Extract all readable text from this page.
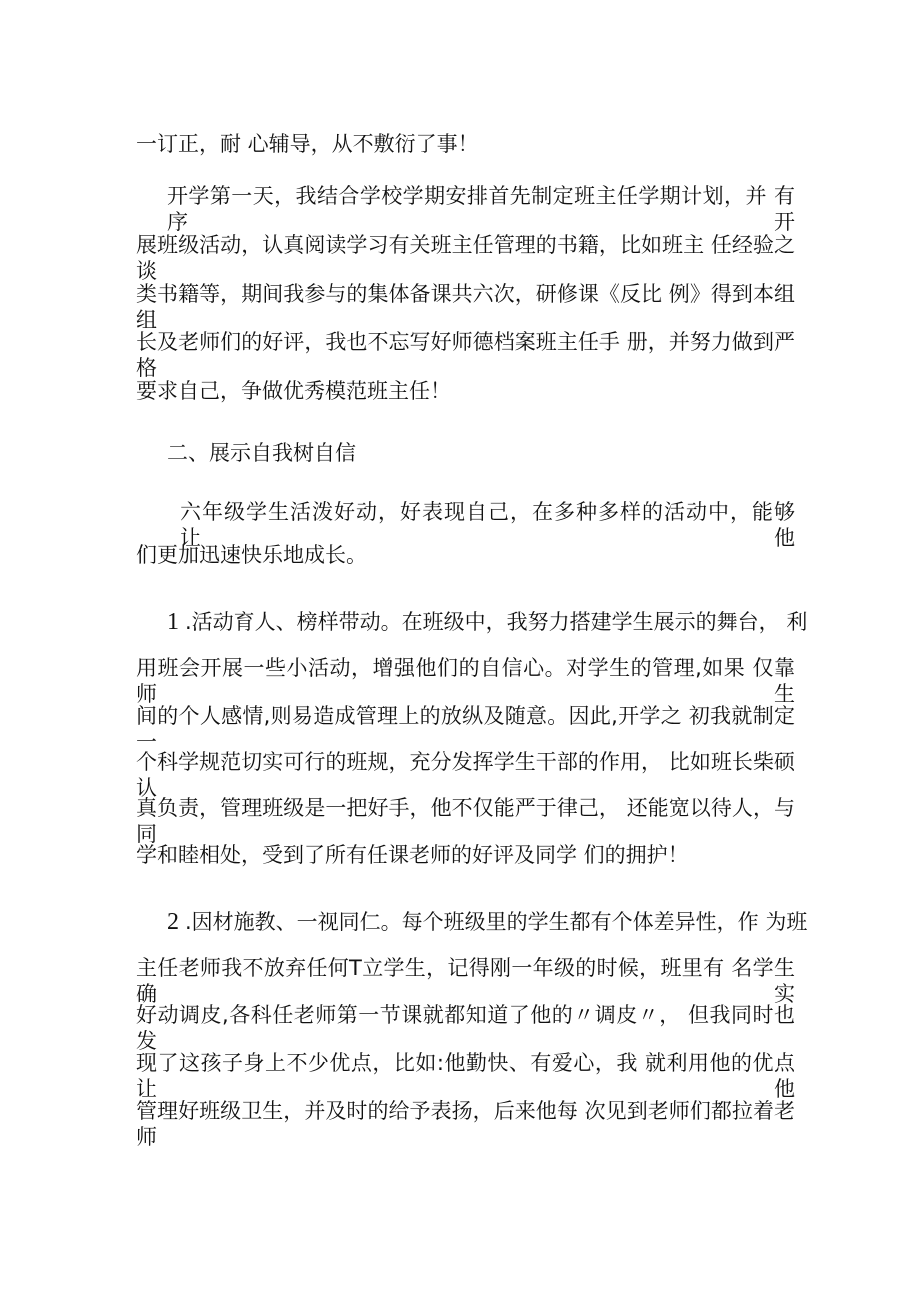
一订正，耐 心辅导，从不敷衍了事！
开学第一天，我结合学校学期安排首先制定班主任学期计划，并 有序开
展班级活动，认真阅读学习有关班主任管理的书籍，比如班主 任经验之谈
类书籍等，期间我参与的集体备课共六次，研修课《反比 例》得到本组组
长及老师们的好评，我也不忘写好师德档案班主任手 册，并努力做到严格
要求自己，争做优秀模范班主任！
二、展示自我树自信
六年级学生活泼好动，好表现自己，在多种多样的活动中，能够 让他
们更加迅速快乐地成长。
1 .活动育人、榜样带动。在班级中，我努力搭建学生展示的舞台， 利
用班会开展一些小活动，增强他们的自信心。对学生的管理,如果 仅靠师生
间的个人感情,则易造成管理上的放纵及随意。因此,开学之 初我就制定一
个科学规范切实可行的班规，充分发挥学生干部的作用， 比如班长柴硕认
真负责，管理班级是一把好手，他不仅能严于律己， 还能宽以待人，与同
学和睦相处，受到了所有任课老师的好评及同学 们的拥护！
2 .因材施教、一视同仁。每个班级里的学生都有个体差异性，作 为班
主任老师我不放弃任何T立学生，记得刚一年级的时候，班里有 名学生确实
好动调皮,各科任老师第一节课就都知道了他的〃调皮〃， 但我同时也发
现了这孩子身上不少优点，比如:他勤快、有爱心，我 就利用他的优点让他
管理好班级卫生，并及时的给予表扬，后来他每 次见到老师们都拉着老师
